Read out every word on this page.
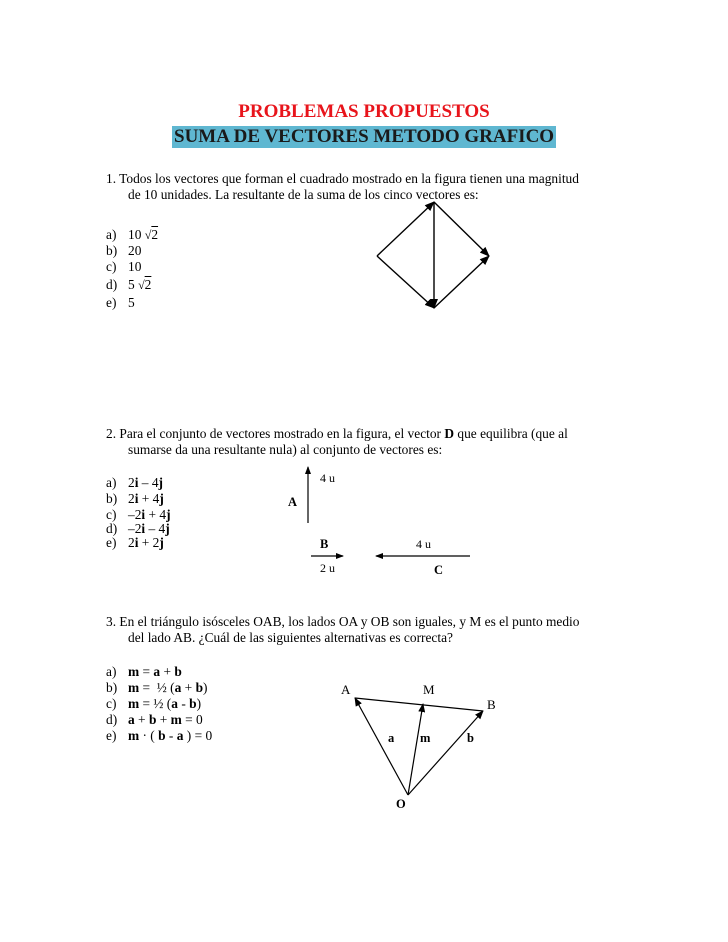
PROBLEMAS PROPUESTOS
SUMA DE VECTORES METODO GRAFICO
1. Todos los vectores que forman el cuadrado mostrado en la figura tienen una magnitud
de 10 unidades. La resultante de la suma de los cinco vectores es:
a) 10 √2
b) 20
c) 10
d) 5 √2
e) 5
2. Para el conjunto de vectores mostrado en la figura, el vector D que equilibra (que al
sumarse da una resultante nula) al conjunto de vectores es:
a) 2i – 4j
b) 2i + 4j
c) –2i + 4j
d) –2i – 4j
e) 2i + 2j
4 u
A
B
2 u
4 u
C
3. En el triángulo isósceles OAB, los lados OA y OB son iguales, y M es el punto medio
del lado AB. ¿Cuál de las siguientes alternativas es correcta?
a) m = a + b
b) m =  ½ (a + b)
c) m = ½ (a - b)
d) a + b + m = 0
e) m · ( b - a ) = 0
A	M
B
a m	b
O
